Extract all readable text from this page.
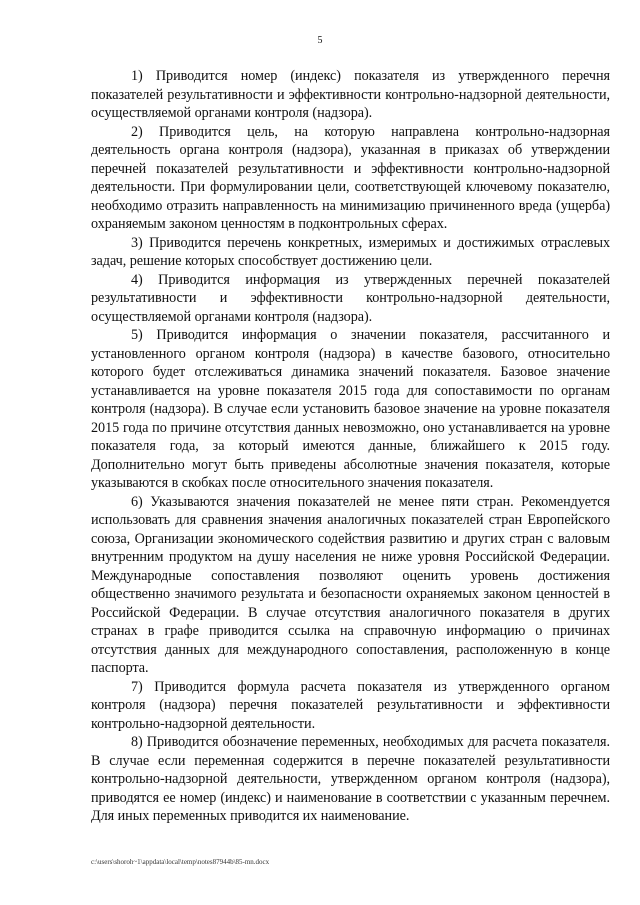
5

1) Приводится номер (индекс) показателя из утвержденного перечня показателей результативности и эффективности контрольно-надзорной деятельности, осуществляемой органами контроля (надзора).

2) Приводится цель, на которую направлена контрольно-надзорная деятельность органа контроля (надзора), указанная в приказах об утверждении перечней показателей результативности и эффективности контрольно-надзорной деятельности. При формулировании цели, соответствующей ключевому показателю, необходимо отразить направленность на минимизацию причиненного вреда (ущерба) охраняемым законом ценностям в подконтрольных сферах.

3) Приводится перечень конкретных, измеримых и достижимых отраслевых задач, решение которых способствует достижению цели.

4) Приводится информация из утвержденных перечней показателей результативности и эффективности контрольно-надзорной деятельности, осуществляемой органами контроля (надзора).

5) Приводится информация о значении показателя, рассчитанного и установленного органом контроля (надзора) в качестве базового, относительно которого будет отслеживаться динамика значений показателя. Базовое значение устанавливается на уровне показателя 2015 года для сопоставимости по органам контроля (надзора). В случае если установить базовое значение на уровне показателя 2015 года по причине отсутствия данных невозможно, оно устанавливается на уровне показателя года, за который имеются данные, ближайшего к 2015 году. Дополнительно могут быть приведены абсолютные значения показателя, которые указываются в скобках после относительного значения показателя.

6) Указываются значения показателей не менее пяти стран. Рекомендуется использовать для сравнения значения аналогичных показателей стран Европейского союза, Организации экономического содействия развитию и других стран с валовым внутренним продуктом на душу населения не ниже уровня Российской Федерации. Международные сопоставления позволяют оценить уровень достижения общественно значимого результата и безопасности охраняемых законом ценностей в Российской Федерации. В случае отсутствия аналогичного показателя в других странах в графе приводится ссылка на справочную информацию о причинах отсутствия данных для международного сопоставления, расположенную в конце паспорта.

7) Приводится формула расчета показателя из утвержденного органом контроля (надзора) перечня показателей результативности и эффективности контрольно-надзорной деятельности.

8) Приводится обозначение переменных, необходимых для расчета показателя. В случае если переменная содержится в перечне показателей результативности контрольно-надзорной деятельности, утвержденном органом контроля (надзора), приводятся ее номер (индекс) и наименование в соответствии с указанным перечнем. Для иных переменных приводится их наименование.

c:\users\shoroh~1\appdata\local\temp\notes87944b\85-mn.docx
